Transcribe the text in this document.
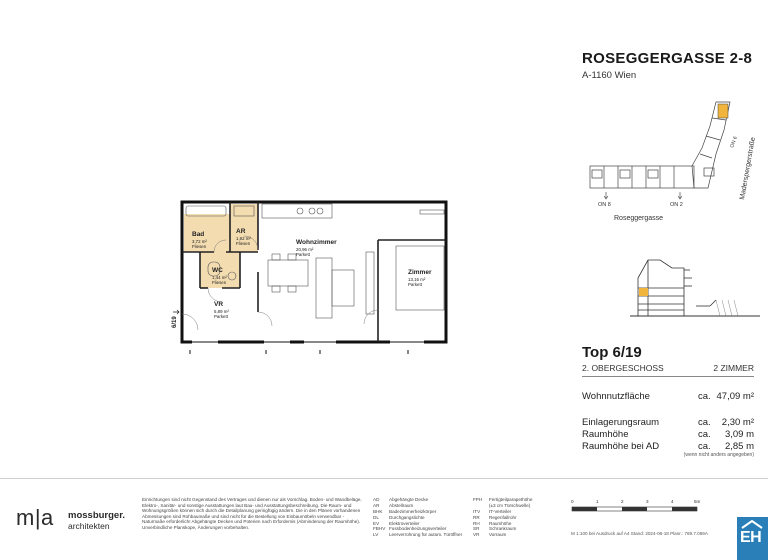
ROSEGGERGASSE 2-8
A-1160 Wien
ON 6 Maderspergerstraße
ON 8	ON 2
Roseggergasse
Top 6/19
2. OBERGESCHOSS	2 ZIMMER
Wohnnutzfläche	ca. 47,09 m²
Einlagerungsraum	ca. 2,30 m²
Raumhöhe	ca. 3,09 m
Raumhöhe bei AD	ca. 2,85 m
(wenn nicht anders angegeben)
Bad
3,72 m²
Fliesen
AR
1,92 m²
Fliesen
WC
1,44 m²
Fliesen
VR
5,89 m²
Parkett
Wohnzimmer
20,96 m²
Parkett
Zimmer
13,16 m²
Parkett
6/19
m|a mossburger.
architekten
Einrichtungen sind nicht Gegenstand des Vertrages und dienen nur als Vorschlag. Boden- und Wandbeläge, Elektro-, Sanitär- und sonstige Ausstattungen laut Bau- und Ausstattungsbeschreibung. Die Raum- und Wohnungsgrößen können sich durch die Detailplanung geringfügig ändern. Die in den Plänen vorhandenen Abmessungen sind Rohbaumaße und sind nicht für die Bestellung von Einbaumöbeln verwendbar - Naturmaße erforderlich! Abgehängte Decken und Poterien nach Erfordernis (Abminderung der Raumhöhe). Unverbindliche Planskope, Änderungen vorbehalten.
AD Abgehängte Decke	FPH Fertigteilparapethöhe
AR Abstellraum	(±3 cm Türschwelle)
BHK Badezimmerheizkörper	ITV IT-Verteiler
DL Durchgangslichte	RR Regenfallrohr
EV Elektroverteiler	RH Raumhöhe
FBHV Fussbodenheizungsverteiler	SR Schrankraum
LV Leerverrohrung für autom. Türöffner VR Vorraum
0	1	2	3	4	5m
M 1:100 bei Ausdruck auf A4 Stand: 2024-06-18 Planr.: 769.7.069A EH
